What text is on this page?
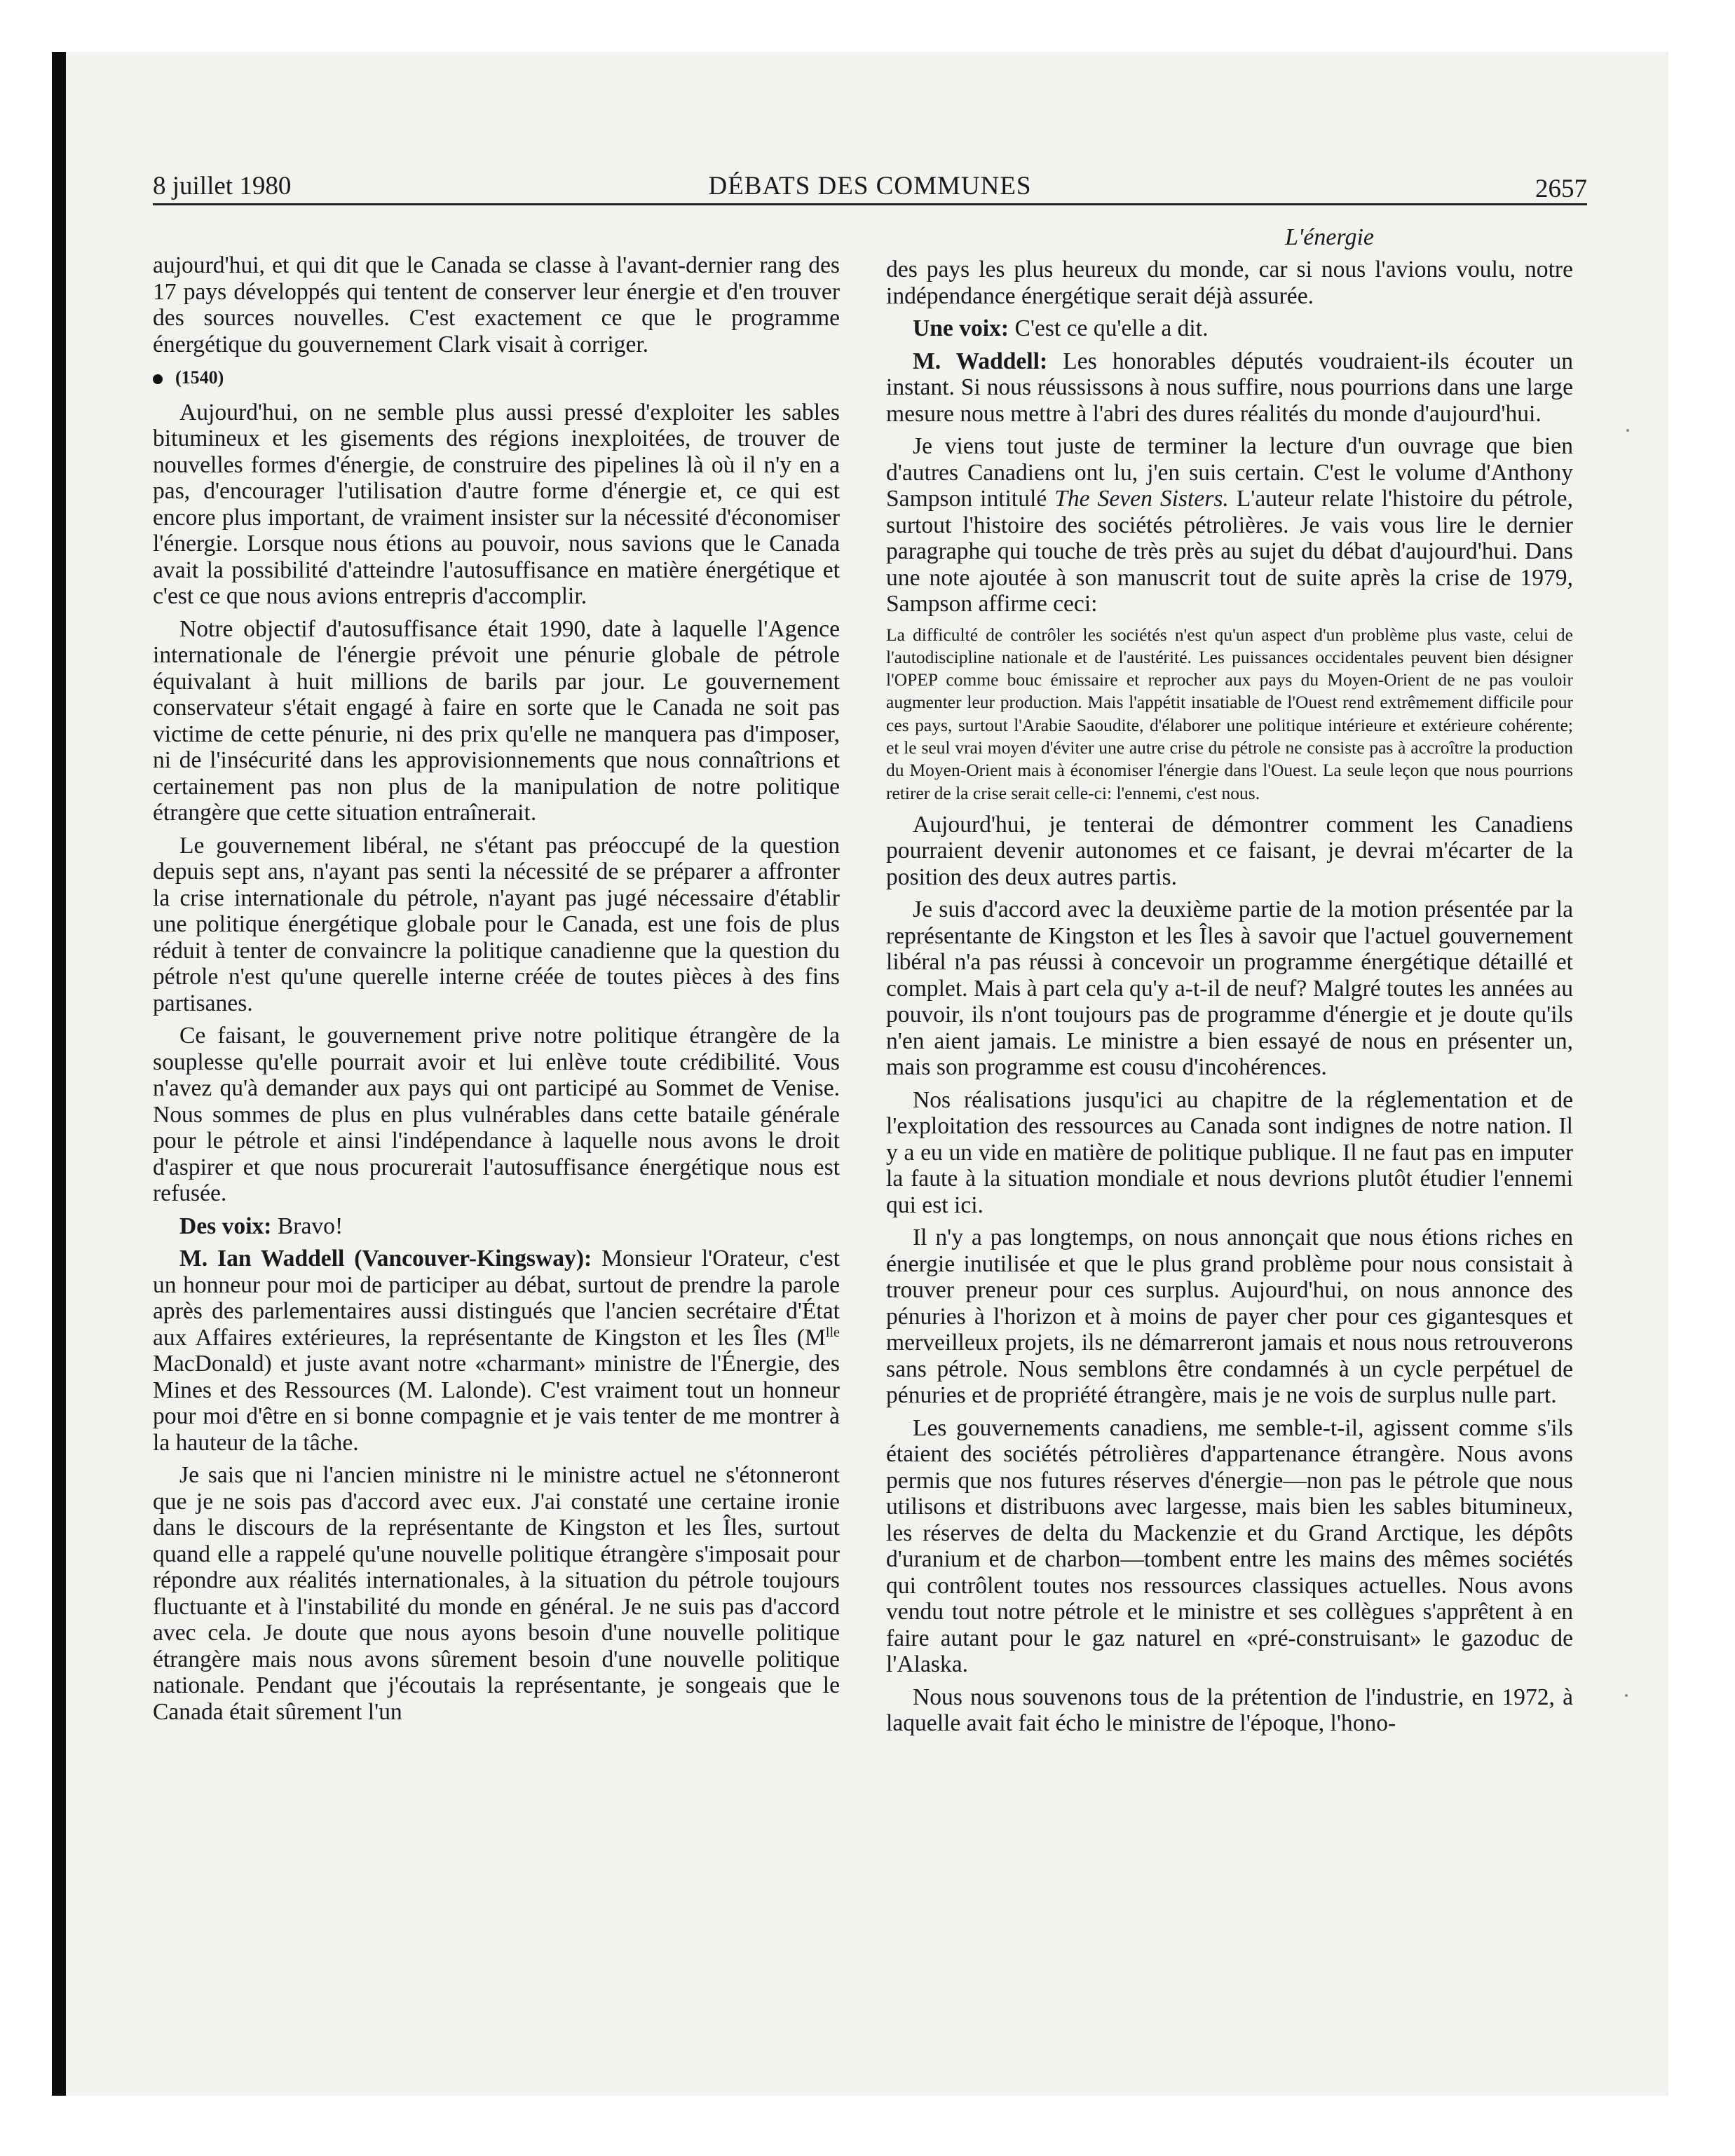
8 juillet 1980	DÉBATS DES COMMUNES	2657
L'énergie

aujourd'hui, et qui dit que le Canada se classe à l'avant-dernier rang des 17 pays développés qui tentent de conserver leur énergie et d'en trouver des sources nouvelles. C'est exactement ce que le programme énergétique du gouvernement Clark visait à corriger.

(1540)

Aujourd'hui, on ne semble plus aussi pressé d'exploiter les sables bitumineux et les gisements des régions inexploitées, de trouver de nouvelles formes d'énergie, de construire des pipelines là où il n'y en a pas, d'encourager l'utilisation d'autre forme d'énergie et, ce qui est encore plus important, de vraiment insister sur la nécessité d'économiser l'énergie. Lorsque nous étions au pouvoir, nous savions que le Canada avait la possibilité d'atteindre l'autosuffisance en matière énergétique et c'est ce que nous avions entrepris d'accomplir.

Notre objectif d'autosuffisance était 1990, date à laquelle l'Agence internationale de l'énergie prévoit une pénurie globale de pétrole équivalant à huit millions de barils par jour. Le gouvernement conservateur s'était engagé à faire en sorte que le Canada ne soit pas victime de cette pénurie, ni des prix qu'elle ne manquera pas d'imposer, ni de l'insécurité dans les approvisionnements que nous connaîtrions et certainement pas non plus de la manipulation de notre politique étrangère que cette situation entraînerait.

Le gouvernement libéral, ne s'étant pas préoccupé de la question depuis sept ans, n'ayant pas senti la nécessité de se préparer a affronter la crise internationale du pétrole, n'ayant pas jugé nécessaire d'établir une politique énergétique globale pour le Canada, est une fois de plus réduit à tenter de convaincre la politique canadienne que la question du pétrole n'est qu'une querelle interne créée de toutes pièces à des fins partisanes.

Ce faisant, le gouvernement prive notre politique étrangère de la souplesse qu'elle pourrait avoir et lui enlève toute crédibilité. Vous n'avez qu'à demander aux pays qui ont participé au Sommet de Venise. Nous sommes de plus en plus vulnérables dans cette bataile générale pour le pétrole et ainsi l'indépendance à laquelle nous avons le droit d'aspirer et que nous procurerait l'autosuffisance énergétique nous est refusée.

Des voix: Bravo!

M. Ian Waddell (Vancouver-Kingsway): Monsieur l'Orateur, c'est un honneur pour moi de participer au débat, surtout de prendre la parole après des parlementaires aussi distingués que l'ancien secrétaire d'État aux Affaires extérieures, la représentante de Kingston et les Îles ($M^{lle}$ MacDonald) et juste avant notre «charmant» ministre de l'Énergie, des Mines et des Ressources (M. Lalonde). C'est vraiment tout un honneur pour moi d'être en si bonne compagnie et je vais tenter de me montrer à la hauteur de la tâche.

Je sais que ni l'ancien ministre ni le ministre actuel ne s'étonneront que je ne sois pas d'accord avec eux. J'ai constaté une certaine ironie dans le discours de la représentante de Kingston et les Îles, surtout quand elle a rappelé qu'une nouvelle politique étrangère s'imposait pour répondre aux réalités internationales, à la situation du pétrole toujours fluctuante et à l'instabilité du monde en général. Je ne suis pas d'accord avec cela. Je doute que nous ayons besoin d'une nouvelle politique étrangère mais nous avons sûrement besoin d'une nouvelle politique nationale. Pendant que j'écoutais la représentante, je songeais que le Canada était sûrement l'un

des pays les plus heureux du monde, car si nous l'avions voulu, notre indépendance énergétique serait déjà assurée.

Une voix: C'est ce qu'elle a dit.

M. Waddell: Les honorables députés voudraient-ils écouter un instant. Si nous réussissons à nous suffire, nous pourrions dans une large mesure nous mettre à l'abri des dures réalités du monde d'aujourd'hui.

Je viens tout juste de terminer la lecture d'un ouvrage que bien d'autres Canadiens ont lu, j'en suis certain. C'est le volume d'Anthony Sampson intitulé The Seven Sisters. L'auteur relate l'histoire du pétrole, surtout l'histoire des sociétés pétrolières. Je vais vous lire le dernier paragraphe qui touche de très près au sujet du débat d'aujourd'hui. Dans une note ajoutée à son manuscrit tout de suite après la crise de 1979, Sampson affirme ceci:

La difficulté de contrôler les sociétés n'est qu'un aspect d'un problème plus vaste, celui de l'autodiscipline nationale et de l'austérité. Les puissances occidentales peuvent bien désigner l'OPEP comme bouc émissaire et reprocher aux pays du Moyen-Orient de ne pas vouloir augmenter leur production. Mais l'appétit insatiable de l'Ouest rend extrêmement difficile pour ces pays, surtout l'Arabie Saoudite, d'élaborer une politique intérieure et extérieure cohérente; et le seul vrai moyen d'éviter une autre crise du pétrole ne consiste pas à accroître la production du Moyen-Orient mais à économiser l'énergie dans l'Ouest. La seule leçon que nous pourrions retirer de la crise serait celle-ci: l'ennemi, c'est nous.

Aujourd'hui, je tenterai de démontrer comment les Canadiens pourraient devenir autonomes et ce faisant, je devrai m'écarter de la position des deux autres partis.

Je suis d'accord avec la deuxième partie de la motion présentée par la représentante de Kingston et les Îles à savoir que l'actuel gouvernement libéral n'a pas réussi à concevoir un programme énergétique détaillé et complet. Mais à part cela qu'y a-t-il de neuf? Malgré toutes les années au pouvoir, ils n'ont toujours pas de programme d'énergie et je doute qu'ils n'en aient jamais. Le ministre a bien essayé de nous en présenter un, mais son programme est cousu d'incohérences.

Nos réalisations jusqu'ici au chapitre de la réglementation et de l'exploitation des ressources au Canada sont indignes de notre nation. Il y a eu un vide en matière de politique publique. Il ne faut pas en imputer la faute à la situation mondiale et nous devrions plutôt étudier l'ennemi qui est ici.

Il n'y a pas longtemps, on nous annonçait que nous étions riches en énergie inutilisée et que le plus grand problème pour nous consistait à trouver preneur pour ces surplus. Aujourd'hui, on nous annonce des pénuries à l'horizon et à moins de payer cher pour ces gigantesques et merveilleux projets, ils ne démarreront jamais et nous nous retrouverons sans pétrole. Nous semblons être condamnés à un cycle perpétuel de pénuries et de propriété étrangère, mais je ne vois de surplus nulle part.

Les gouvernements canadiens, me semble-t-il, agissent comme s'ils étaient des sociétés pétrolières d'appartenance étrangère. Nous avons permis que nos futures réserves d'énergie—non pas le pétrole que nous utilisons et distribuons avec largesse, mais bien les sables bitumineux, les réserves de delta du Mackenzie et du Grand Arctique, les dépôts d'uranium et de charbon—tombent entre les mains des mêmes sociétés qui contrôlent toutes nos ressources classiques actuelles. Nous avons vendu tout notre pétrole et le ministre et ses collègues s'apprêtent à en faire autant pour le gaz naturel en «pré-construisant» le gazoduc de l'Alaska.

Nous nous souvenons tous de la prétention de l'industrie, en 1972, à laquelle avait fait écho le ministre de l'époque, l'hono-
